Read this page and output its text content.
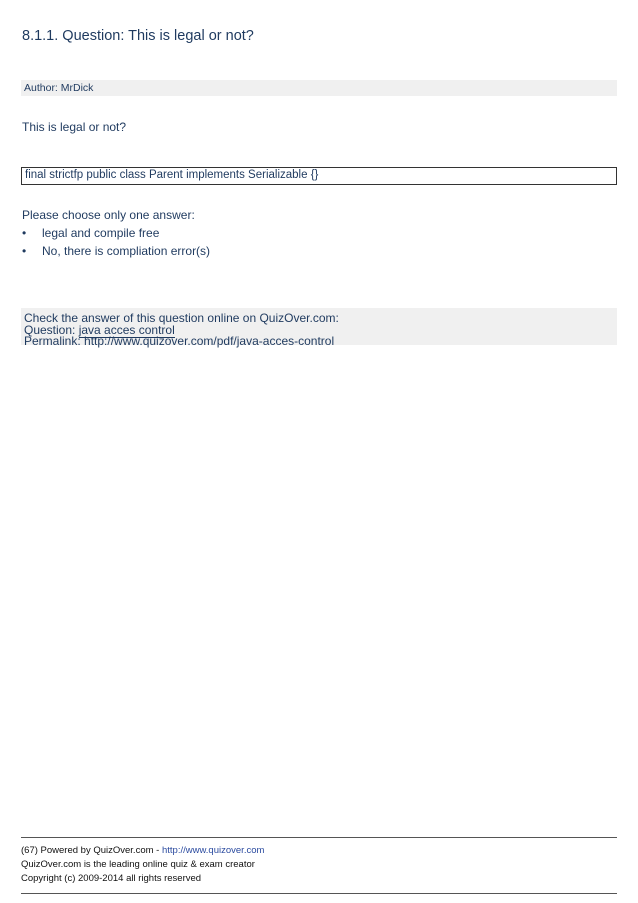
8.1.1. Question: This is legal or not?
Author: MrDick
This is legal or not?
final strictfp public class Parent implements Serializable {}
Please choose only one answer:
• legal and compile free
• No, there is compliation error(s)
Check the answer of this question online on QuizOver.com:
Question: java acces control
Permalink: http://www.quizover.com/pdf/java-acces-control
(67) Powered by QuizOver.com - http://www.quizover.com
QuizOver.com is the leading online quiz & exam creator
Copyright (c) 2009-2014 all rights reserved
